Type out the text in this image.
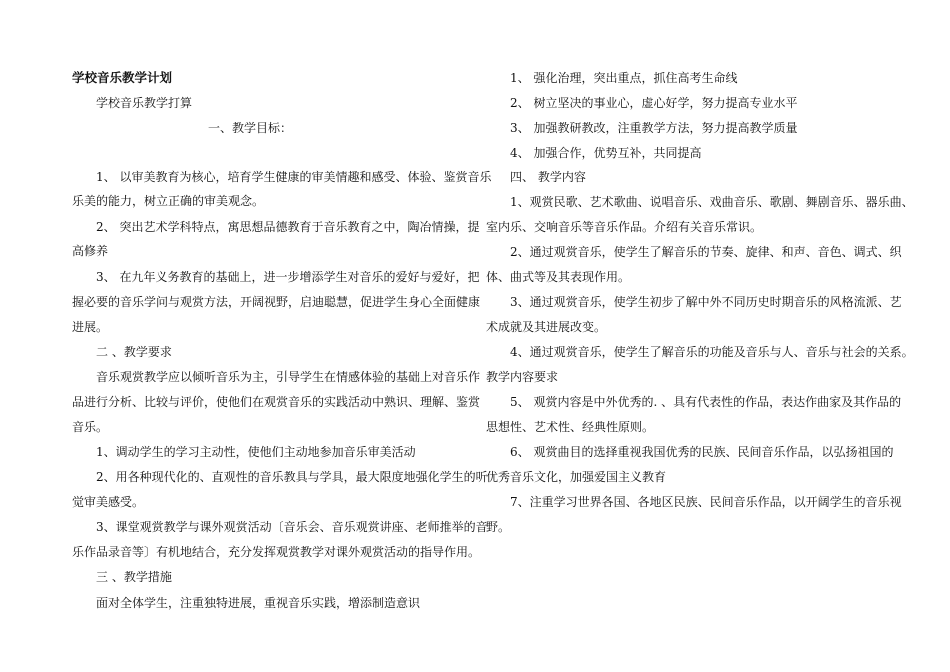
学校音乐教学计划
学校音乐教学打算
一、教学目标：
1、 以审美教育为核心，培育学生健康的审美情趣和感受、体验、鉴赏音乐
乐美的能力，树立正确的审美观念。
2、 突出艺术学科特点，寓思想品德教育于音乐教育之中，陶冶情操，提
高修养
3、 在九年义务教育的基础上，进一步增添学生对音乐的爱好与爱好，把
握必要的音乐学问与观赏方法，开阔视野，启迪聪慧，促进学生身心全面健康
进展。
二 、教学要求
音乐观赏教学应以倾听音乐为主，引导学生在情感体验的基础上对音乐作
品进行分析、比较与评价，使他们在观赏音乐的实践活动中熟识、理解、鉴赏
音乐。
1、调动学生的学习主动性，使他们主动地参加音乐审美活动
2、用各种现代化的、直观性的音乐教具与学具，最大限度地强化学生的听
觉审美感受。
3、课堂观赏教学与课外观赏活动〔音乐会、音乐观赏讲座、老师推举的音
乐作品录音等〕有机地结合，充分发挥观赏教学对课外观赏活动的指导作用。
三 、教学措施
面对全体学生，注重独特进展，重视音乐实践，增添制造意识
1、 强化治理，突出重点，抓住高考生命线
2、 树立坚决的事业心，虚心好学，努力提高专业水平
3、 加强教研教改，注重教学方法，努力提高教学质量
4、 加强合作，优势互补，共同提高
四、 教学内容
1、观赏民歌、艺术歌曲、说唱音乐、戏曲音乐、歌剧、舞剧音乐、器乐曲、
室内乐、交响音乐等音乐作品。介绍有关音乐常识。
2、通过观赏音乐，使学生了解音乐的节奏、旋律、和声、音色、调式、织
体、曲式等及其表现作用。
3、通过观赏音乐，使学生初步了解中外不同历史时期音乐的风格流派、艺
术成就及其进展改变。
4、通过观赏音乐，使学生了解音乐的功能及音乐与人、音乐与社会的关系。
教学内容要求
5、 观赏内容是中外优秀的. 、具有代表性的作品，表达作曲家及其作品的
思想性、艺术性、经典性原则。
6、 观赏曲目的选择重视我国优秀的民族、民间音乐作品，以弘扬祖国的
优秀音乐文化，加强爱国主义教育
7、注重学习世界各国、各地区民族、民间音乐作品，以开阔学生的音乐视
野。
